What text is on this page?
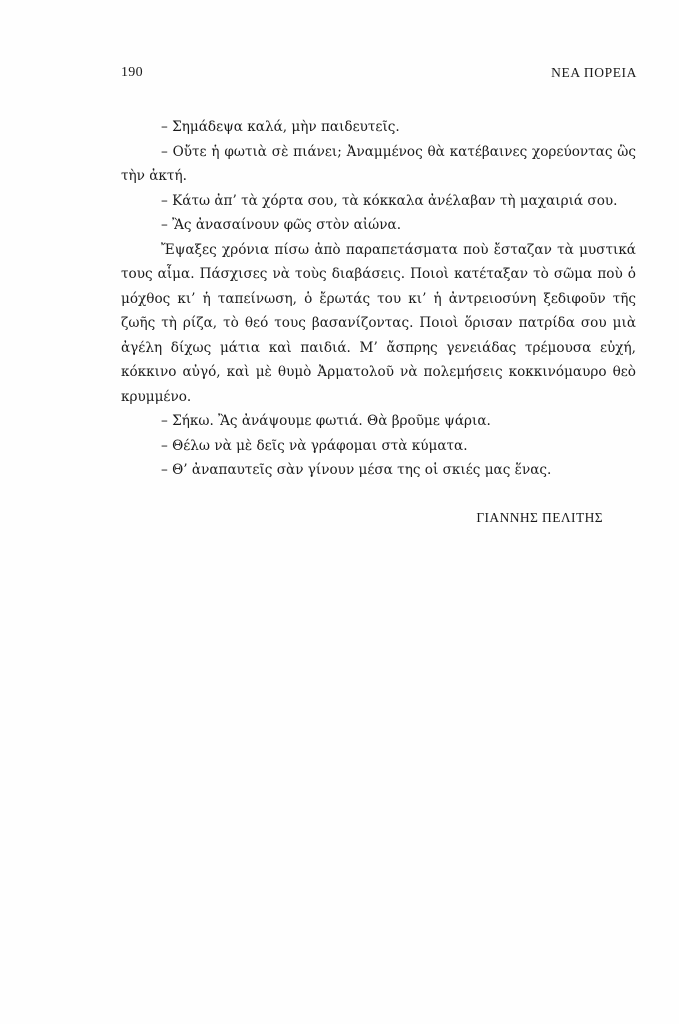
190	ΝΕΑ ΠΟΡΕΙΑ

– Σημάδεψα καλά, μὴν παιδευτεῖς.

– Οὔτε ἡ φωτιὰ σὲ πιάνει; Ἀναμμένος θὰ κατέβαινες χορεύοντας ὣς τὴν ἀκτή.

– Κάτω ἀπ’ τὰ χόρτα σου, τὰ κόκκαλα ἀνέλαβαν τὴ μαχαιριά σου.

– Ἂς ἀνασαίνουν φῶς στὸν αἰώνα.

Ἔψαξες χρόνια πίσω ἀπὸ παραπετάσματα ποὺ ἔσταζαν τὰ μυστικά τους αἷμα. Πάσχισες νὰ τοὺς διαβάσεις. Ποιοὶ κατέταξαν τὸ σῶμα ποὺ ὁ μόχθος κι’ ἡ ταπείνωση, ὁ ἔρωτάς του κι’ ἡ ἀντρειοσύνη ξεδιφοῦν τῆς ζωῆς τὴ ρίζα, τὸ θεό τους βασανίζοντας. Ποιοὶ ὅρισαν πατρίδα σου μιὰ ἀγέλη δίχως μάτια καὶ παιδιά. Μ’ ἄσπρης γενειάδας τρέμουσα εὐχή, κόκκινο αὐγό, καὶ μὲ θυμὸ Ἀρματολοῦ νὰ πολεμήσεις κοκκινόμαυρο θεὸ κρυμμένο.

– Σήκω. Ἂς ἀνάψουμε φωτιά. Θὰ βροῦμε ψάρια.

– Θέλω νὰ μὲ δεῖς νὰ γράφομαι στὰ κύματα.

– Θ’ ἀναπαυτεῖς σὰν γίνουν μέσα της οἱ σκιές μας ἕνας.

ΓΙΑΝΝΗΣ ΠΕΛΙΤΗΣ
